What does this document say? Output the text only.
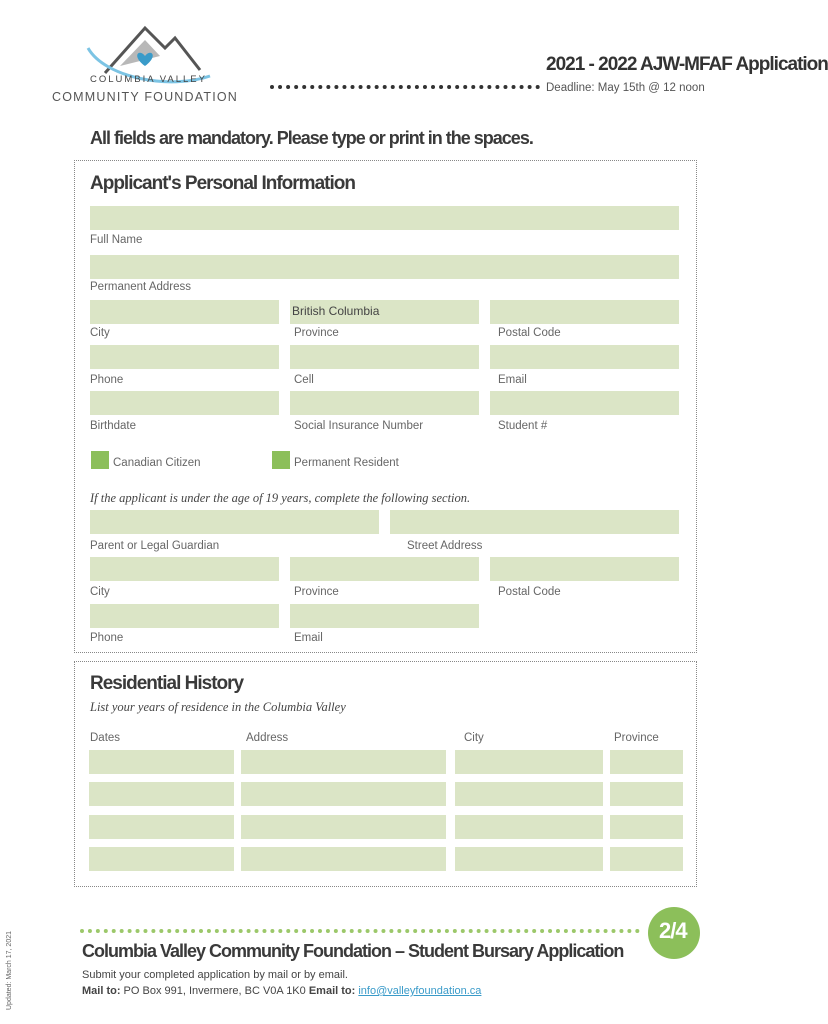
COLUMBIA VALLEY
COMMUNITY FOUNDATION
2021 - 2022 AJW-MFAF Application
Deadline: May 15th @ 12 noon
All fields are mandatory. Please type or print in the spaces.
Applicant's Personal Information
Full Name
Permanent Address
British Columbia
City	Province	Postal Code
Phone	Cell	Email
Birthdate	Social Insurance Number	Student #
Canadian Citizen	Permanent Resident
If the applicant is under the age of 19 years, complete the following section.
Parent or Legal Guardian	Street Address
City	Province	Postal Code
Phone	Email
Residential History
List your years of residence in the Columbia Valley
Dates	Address	City	Province
2/4
Columbia Valley Community Foundation – Student Bursary Application
Submit your completed application by mail or by email.
Mail to: PO Box 991, Invermere, BC V0A 1K0 Email to: info@valleyfoundation.ca
Updated: March 17, 2021
